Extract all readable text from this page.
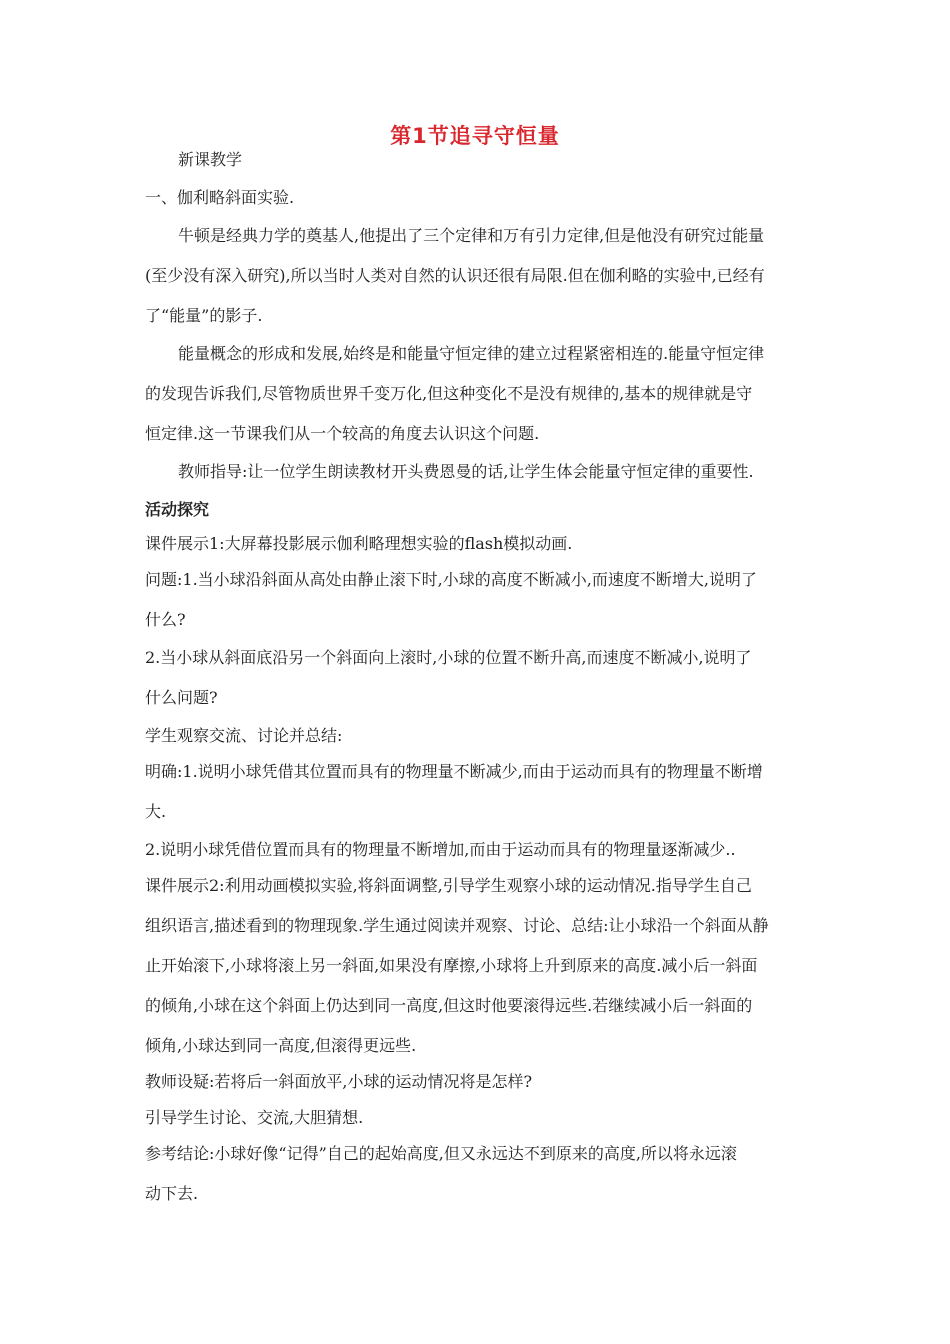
第1节追寻守恒量
新课教学
一、伽利略斜面实验.
牛顿是经典力学的奠基人,他提出了三个定律和万有引力定律,但是他没有研究过能量
(至少没有深入研究),所以当时人类对自然的认识还很有局限.但在伽利略的实验中,已经有
了“能量”的影子.
能量概念的形成和发展,始终是和能量守恒定律的建立过程紧密相连的.能量守恒定律
的发现告诉我们,尽管物质世界千变万化,但这种变化不是没有规律的,基本的规律就是守
恒定律.这一节课我们从一个较高的角度去认识这个问题.
教师指导:让一位学生朗读教材开头费恩曼的话,让学生体会能量守恒定律的重要性.
活动探究
课件展示1:大屏幕投影展示伽利略理想实验的flash模拟动画.
问题:1.当小球沿斜面从高处由静止滚下时,小球的高度不断减小,而速度不断增大,说明了
什么?
2.当小球从斜面底沿另一个斜面向上滚时,小球的位置不断升高,而速度不断减小,说明了
什么问题?
学生观察交流、讨论并总结:
明确:1.说明小球凭借其位置而具有的物理量不断减少,而由于运动而具有的物理量不断增
大.
2.说明小球凭借位置而具有的物理量不断增加,而由于运动而具有的物理量逐渐减少..
课件展示2:利用动画模拟实验,将斜面调整,引导学生观察小球的运动情况.指导学生自己
组织语言,描述看到的物理现象.学生通过阅读并观察、讨论、总结:让小球沿一个斜面从静
止开始滚下,小球将滚上另一斜面,如果没有摩擦,小球将上升到原来的高度.减小后一斜面
的倾角,小球在这个斜面上仍达到同一高度,但这时他要滚得远些.若继续减小后一斜面的
倾角,小球达到同一高度,但滚得更远些.
教师设疑:若将后一斜面放平,小球的运动情况将是怎样?
引导学生讨论、交流,大胆猜想.
参考结论:小球好像“记得”自己的起始高度,但又永远达不到原来的高度,所以将永远滚
动下去.
